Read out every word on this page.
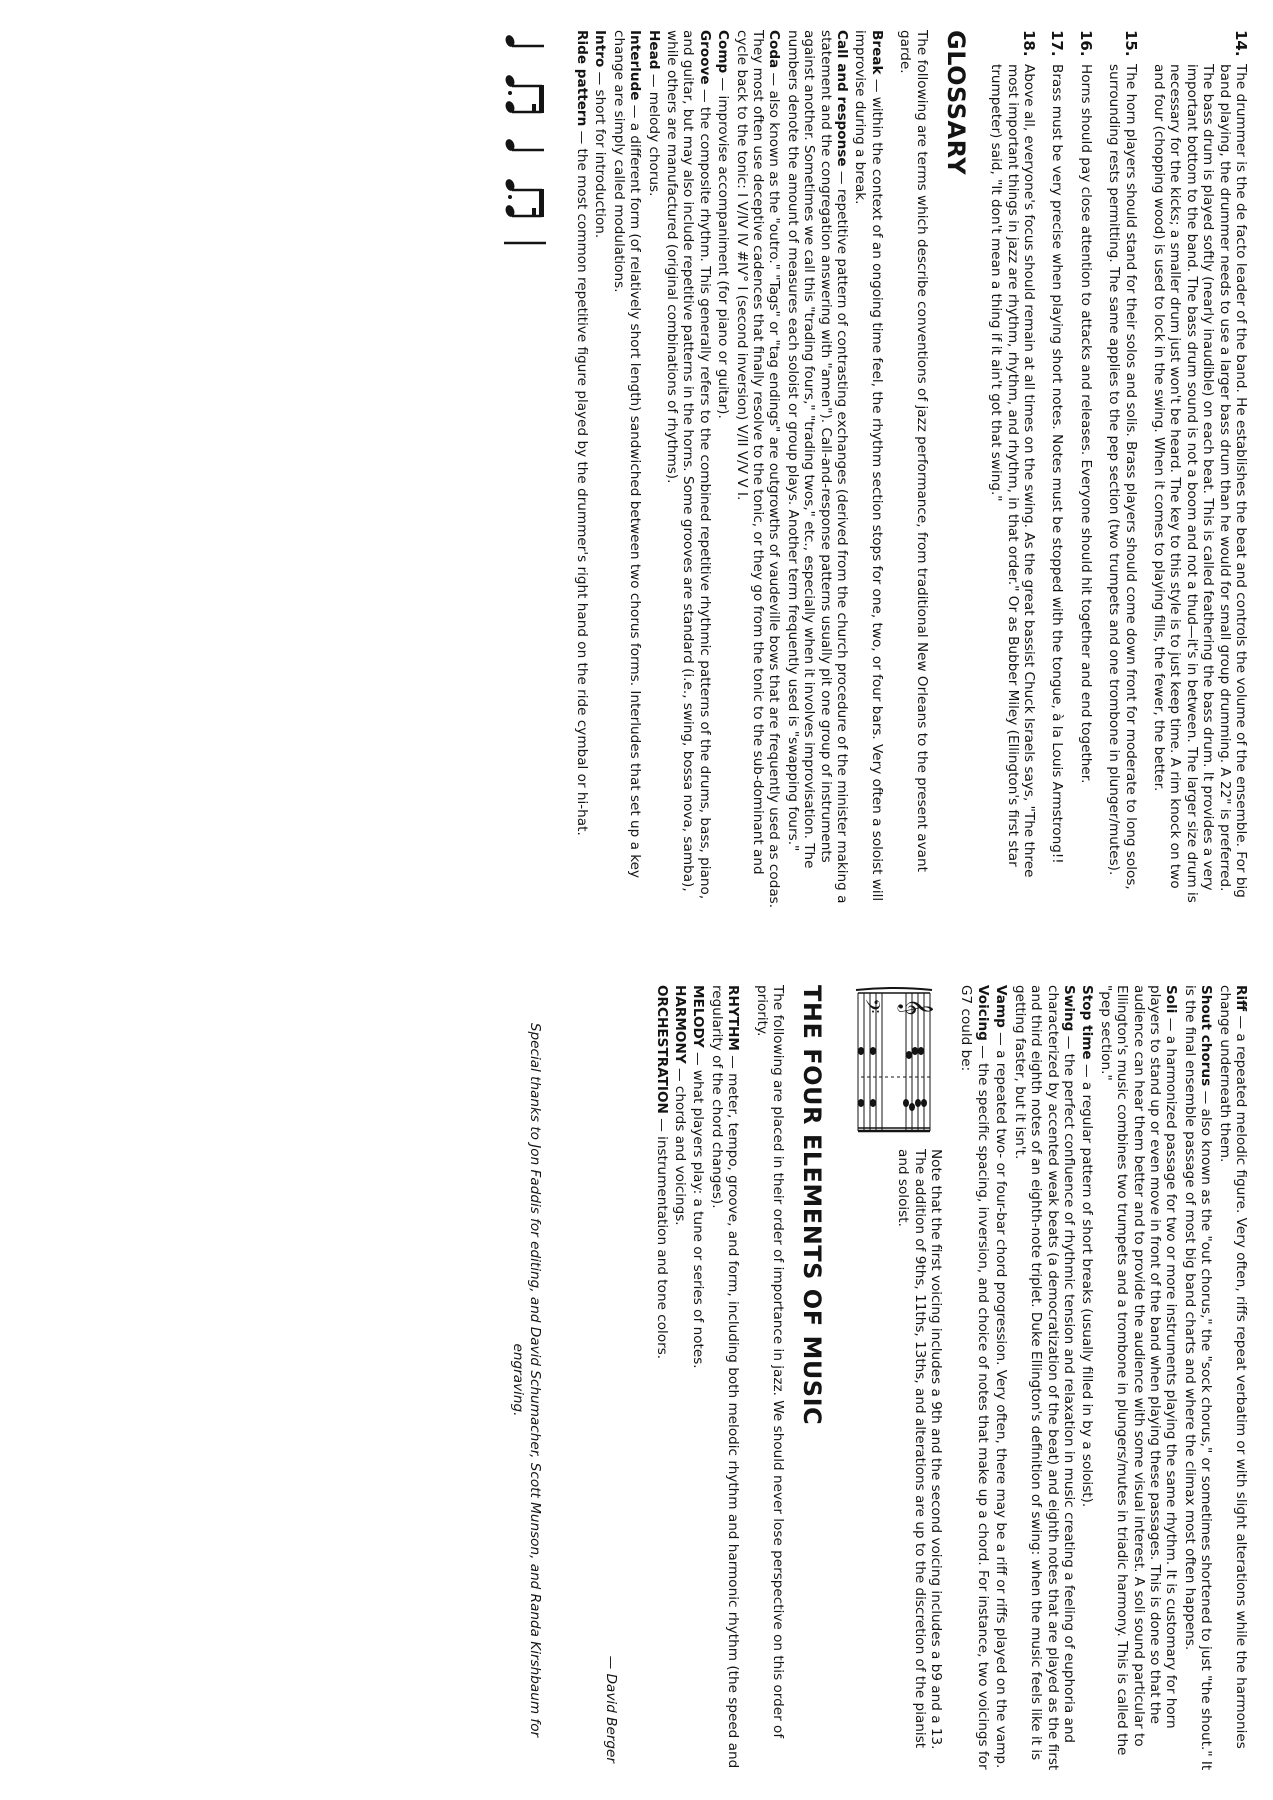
14.
The drummer is the de facto leader of the band. He establishes the beat and controls the volume of the ensemble. For big band playing, the drummer needs to use a larger bass drum than he would for small group drumming. A 22" is preferred. The bass drum is played softly (nearly inaudible) on each beat. This is called feathering the bass drum. It provides a very important bottom to the band. The bass drum sound is not a boom and not a thud—it's in between. The larger size drum is necessary for the kicks; a smaller drum just won't be heard. The key to this style is to just keep time. A rim knock on two and four (chopping wood) is used to lock in the swing. When it comes to playing fills, the fewer, the better.
15.
The horn players should stand for their solos and solis. Brass players should come down front for moderate to long solos, surrounding rests permitting. The same applies to the pep section (two trumpets and one trombone in plunger/mutes).
16.
Horns should pay close attention to attacks and releases. Everyone should hit together and end together.
17.
Brass must be very precise when playing short notes. Notes must be stopped with the tongue, à la Louis Armstrong!!
18.
Above all, everyone's focus should remain at all times on the swing. As the great bassist Chuck Israels says, "The three most important things in jazz are rhythm, rhythm, and rhythm, in that order." Or as Bubber Miley (Ellington's first star trumpeter) said, "It don't mean a thing if it ain't got that swing."
GLOSSARY

The following are terms which describe conventions of jazz performance, from traditional New Orleans to the present avant garde.

Break — within the context of an ongoing time feel, the rhythm section stops for one, two, or four bars. Very often a soloist will improvise during a break.
Call and response — repetitive pattern of contrasting exchanges (derived from the church procedure of the minister making a statement and the congregation answering with "amen"). Call-and-response patterns usually pit one group of instruments against another. Sometimes we call this "trading fours," "trading twos," etc., especially when it involves improvisation. The numbers denote the amount of measures each soloist or group plays. Another term frequently used is "swapping fours."
Coda — also known as the "outro." "Tags" or "tag endings" are outgrowths of vaudeville bows that are frequently used as codas. They most often use deceptive cadences that finally resolve to the tonic, or they go from the tonic to the sub-dominant and cycle back to the tonic: I V/IV IV #IV° I (second inversion) V/II V/V V I.
Comp — improvise accompaniment (for piano or guitar).
Groove — the composite rhythm. This generally refers to the combined repetitive rhythmic patterns of the drums, bass, piano, and guitar, but may also include repetitive patterns in the horns. Some grooves are standard (i.e., swing, bossa nova, samba), while others are manufactured (original combinations of rhythms).
Head — melody chorus.
Interlude — a different form (of relatively short length) sandwiched between two chorus forms. Interludes that set up a key change are simply called modulations.
Intro — short for introduction.
Ride pattern — the most common repetitive figure played by the drummer's right hand on the ride cymbal or hi-hat.
Riff — a repeated melodic figure. Very often, riffs repeat verbatim or with slight alterations while the harmonies change underneath them.
Shout chorus — also known as the "out chorus," the "sock chorus," or sometimes shortened to just "the shout." It is the final ensemble passage of most big band charts and where the climax most often happens.
Soli — a harmonized passage for two or more instruments playing the same rhythm. It is customary for horn players to stand up or even move in front of the band when playing these passages. This is done so that the audience can hear them better and to provide the audience with some visual interest. A soli sound particular to Ellington's music combines two trumpets and a trombone in plungers/mutes in triadic harmony. This is called the "pep section."
Stop time — a regular pattern of short breaks (usually filled in by a soloist).
Swing — the perfect confluence of rhythmic tension and relaxation in music creating a feeling of euphoria and characterized by accented weak beats (a democratization of the beat) and eighth notes that are played as the first and third eighth notes of an eighth-note triplet. Duke Ellington's definition of swing: when the music feels like it is getting faster, but it isn't.
Vamp — a repeated two- or four-bar chord progression. Very often, there may be a riff or riffs played on the vamp.
Voicing — the specific spacing, inversion, and choice of notes that make up a chord. For instance, two voicings for G7 could be:
𝄞
𝄢
Note that the first voicing includes a 9th and the second voicing includes a b9 and a 13. The addition of 9ths, 11ths, 13ths, and alterations are up to the discretion of the pianist and soloist.
THE FOUR ELEMENTS OF MUSIC

The following are placed in their order of importance in jazz. We should never lose perspective on this order of priority.

RHYTHM — meter, tempo, groove, and form, including both melodic rhythm and harmonic rhythm (the speed and regularity of the chord changes).
MELODY — what players play: a tune or series of notes.
HARMONY — chords and voicings.
ORCHESTRATION — instrumentation and tone colors.
— David Berger
Special thanks to Jon Faddis for editing, and David Schumacher, Scott Munson, and Randa Kirshbaum for engraving.
